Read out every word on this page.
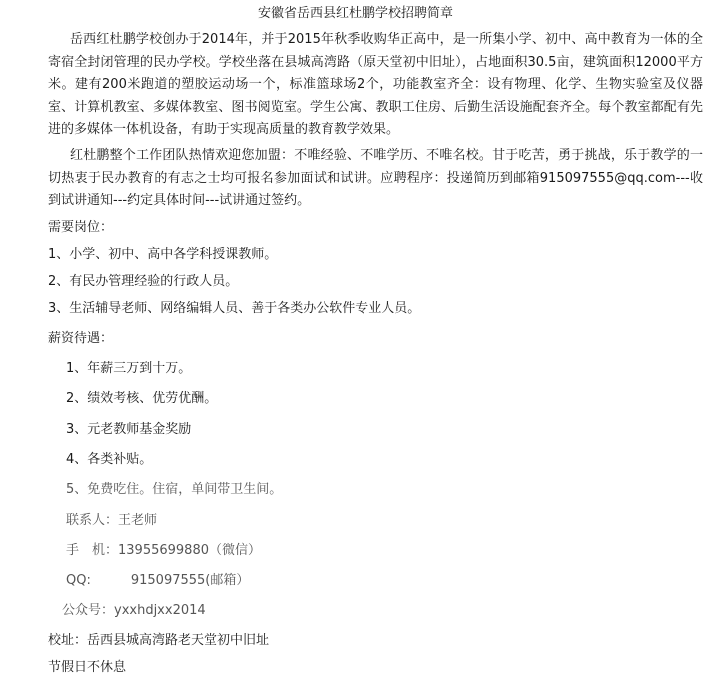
安徽省岳西县红杜鹏学校招聘简章

岳西红杜鹏学校创办于2014年，并于2015年秋季收购华正高中，是一所集小学、初中、高中教育为一体的全寄宿全封闭管理的民办学校。学校坐落在县城高湾路（原天堂初中旧址），占地面积30.5亩，建筑面积12000平方米。建有200米跑道的塑胶运动场一个，标准篮球场2个，功能教室齐全：设有物理、化学、生物实验室及仪器室、计算机教室、多媒体教室、图书阅览室。学生公寓、教职工住房、后勤生活设施配套齐全。每个教室都配有先进的多媒体一体机设备，有助于实现高质量的教育教学效果。

红杜鹏整个工作团队热情欢迎您加盟：不唯经验、不唯学历、不唯名校。甘于吃苦，勇于挑战，乐于教学的一切热衷于民办教育的有志之士均可报名参加面试和试讲。应聘程序：投递简历到邮箱915097555@qq.com---收到试讲通知---约定具体时间---试讲通过签约。

需要岗位：
1、小学、初中、高中各学科授课教师。
2、有民办管理经验的行政人员。
3、生活辅导老师、网络编辑人员、善于各类办公软件专业人员。
薪资待遇：
1、年薪三万到十万。
2、绩效考核、优劳优酬。
3、元老教师基金奖励
4、各类补贴。
5、免费吃住。住宿，单间带卫生间。
联系人：王老师
手　机：13955699880（微信）
QQ:	915097555(邮箱）
公众号：yxxhdjxx2014
校址：岳西县城高湾路老天堂初中旧址
节假日不休息
